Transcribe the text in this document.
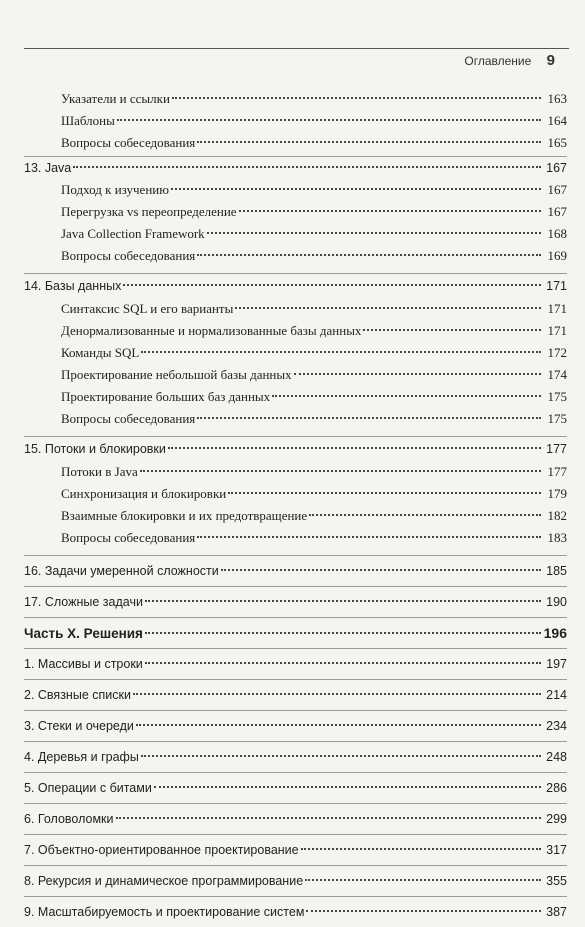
Оглавление 9
Указатели и ссылки	163
Шаблоны	164
Вопросы собеседования	165
13. Java	167
Подход к изучению	167
Перегрузка vs переопределение	167
Java Collection Framework	168
Вопросы собеседования	169
14. Базы данных	171
Синтаксис SQL и его варианты	171
Денормализованные и нормализованные базы данных	171
Команды SQL	172
Проектирование небольшой базы данных	174
Проектирование больших баз данных	175
Вопросы собеседования	175
15. Потоки и блокировки	177
Потоки в Java	177
Синхронизация и блокировки	179
Взаимные блокировки и их предотвращение	182
Вопросы собеседования	183
16. Задачи умеренной сложности	185
17. Сложные задачи	190
Часть X. Решения	196
1. Массивы и строки	197
2. Связные списки	214
3. Стеки и очереди	234
4. Деревья и графы	248
5. Операции с битами	286
6. Головоломки	299
7. Объектно-ориентированное проектирование	317
8. Рекурсия и динамическое программирование	355
9. Масштабируемость и проектирование систем	387
